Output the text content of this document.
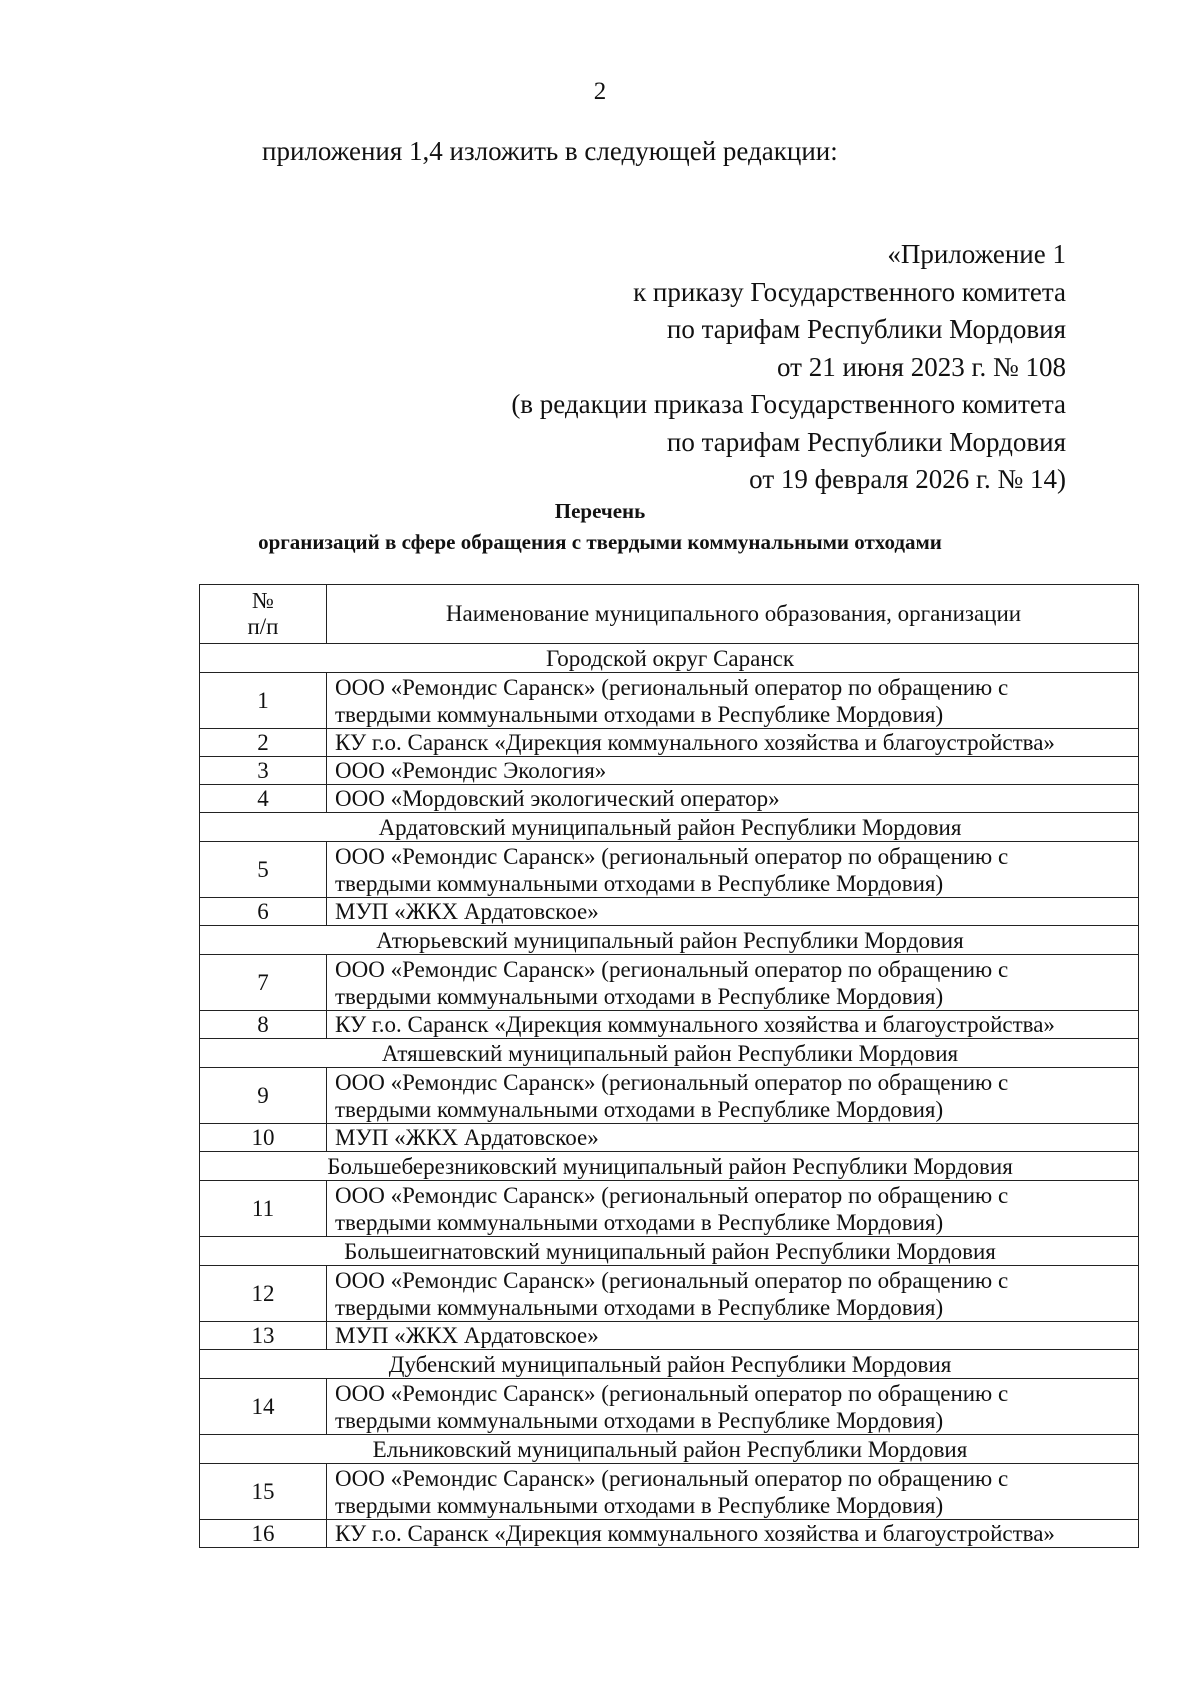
2
приложения 1,4 изложить в следующей редакции:
«Приложение 1
к приказу Государственного комитета
по тарифам Республики Мордовия
от 21 июня 2023 г. № 108
(в редакции приказа Государственного комитета
по тарифам Республики Мордовия
от 19 февраля 2026 г. № 14)
Перечень
организаций в сфере обращения с твердыми коммунальными отходами
№
п/п	Наименование муниципального образования, организации
Городской округ Саранск	
1	ООО «Ремондис Саранск» (региональный оператор по обращению с
твердыми коммунальными отходами в Республике Мордовия)

2	КУ г.о. Саранск «Дирекция коммунального хозяйства и благоустройства»

3	ООО «Ремондис Экология»

4	ООО «Мордовский экологический оператор»

Ардатовский муниципальный район Республики Мордовия	
5	ООО «Ремондис Саранск» (региональный оператор по обращению с
твердыми коммунальными отходами в Республике Мордовия)

6	МУП «ЖКХ Ардатовское»

Атюрьевский муниципальный район Республики Мордовия	
7	ООО «Ремондис Саранск» (региональный оператор по обращению с
твердыми коммунальными отходами в Республике Мордовия)

8	КУ г.о. Саранск «Дирекция коммунального хозяйства и благоустройства»

Атяшевский муниципальный район Республики Мордовия	
9	ООО «Ремондис Саранск» (региональный оператор по обращению с
твердыми коммунальными отходами в Республике Мордовия)

10	МУП «ЖКХ Ардатовское»

Большеберезниковский муниципальный район Республики Мордовия	
11	ООО «Ремондис Саранск» (региональный оператор по обращению с
твердыми коммунальными отходами в Республике Мордовия)

Большеигнатовский муниципальный район Республики Мордовия	
12	ООО «Ремондис Саранск» (региональный оператор по обращению с
твердыми коммунальными отходами в Республике Мордовия)

13	МУП «ЖКХ Ардатовское»

Дубенский муниципальный район Республики Мордовия	
14	ООО «Ремондис Саранск» (региональный оператор по обращению с
твердыми коммунальными отходами в Республике Мордовия)

Ельниковский муниципальный район Республики Мордовия	
15	ООО «Ремондис Саранск» (региональный оператор по обращению с
твердыми коммунальными отходами в Республике Мордовия)

16	КУ г.о. Саранск «Дирекция коммунального хозяйства и благоустройства»
